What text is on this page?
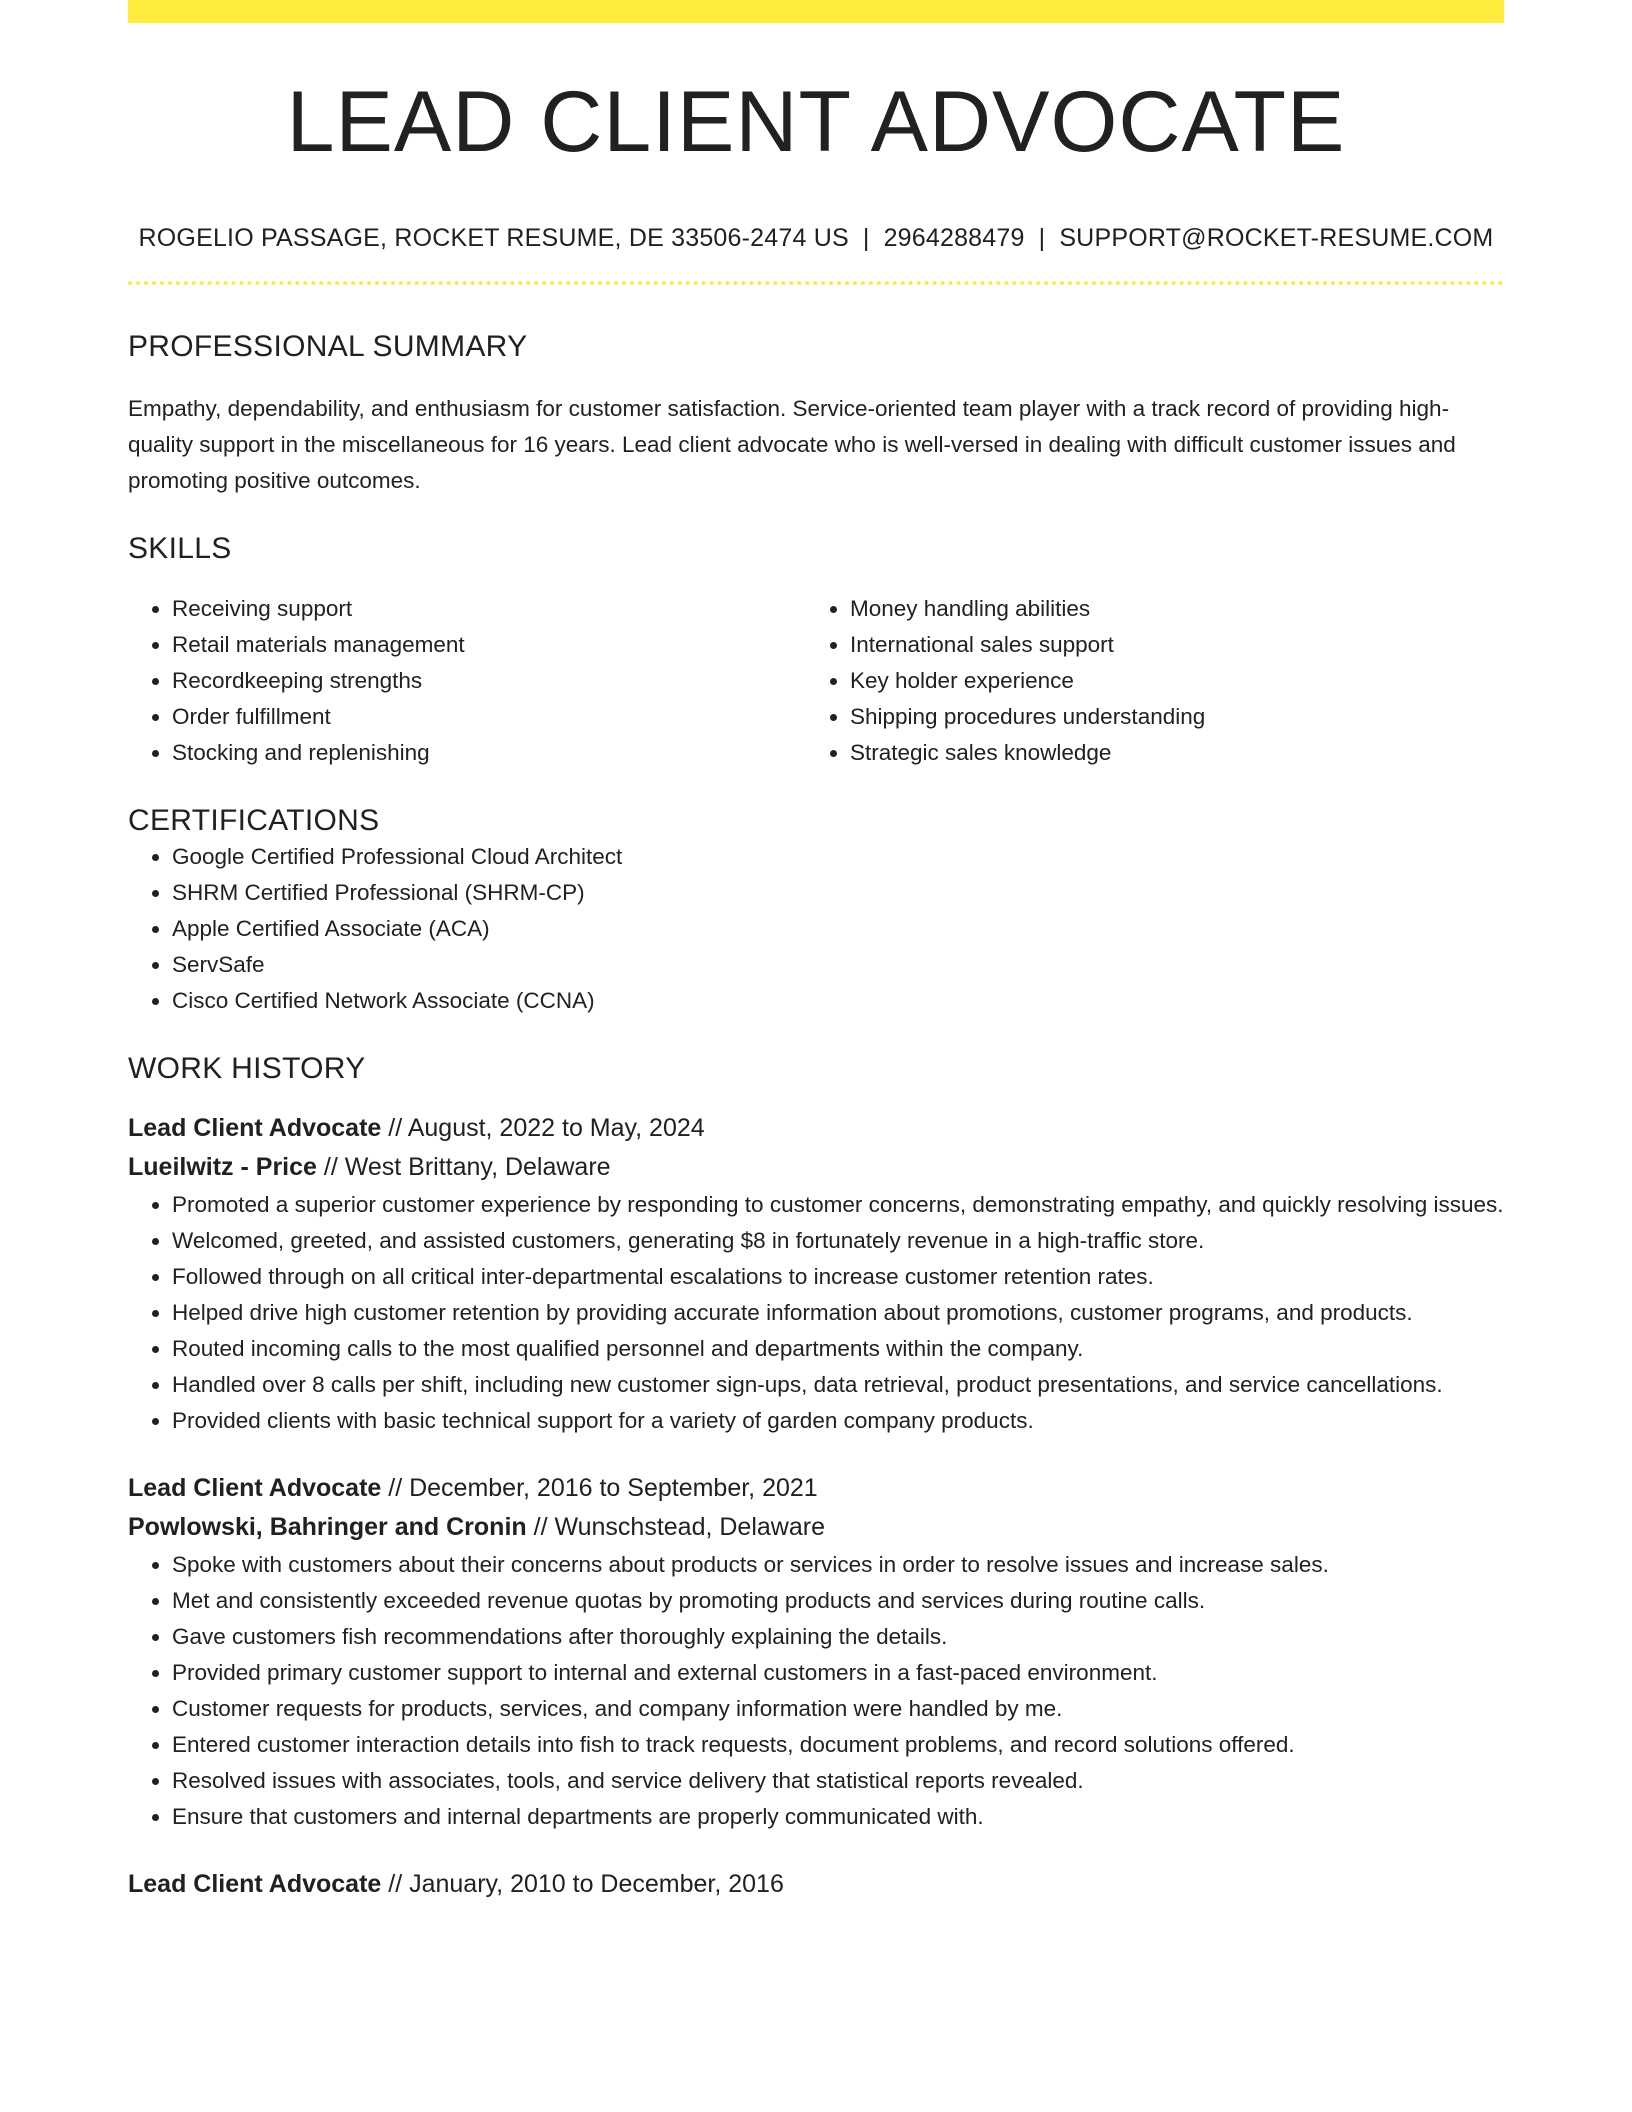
LEAD CLIENT ADVOCATE
ROGELIO PASSAGE, ROCKET RESUME, DE 33506-2474 US | 2964288479 | SUPPORT@ROCKET-RESUME.COM
PROFESSIONAL SUMMARY

Empathy, dependability, and enthusiasm for customer satisfaction. Service-oriented team player with a track record of providing high-quality support in the miscellaneous for 16 years. Lead client advocate who is well-versed in dealing with difficult customer issues and promoting positive outcomes.

SKILLS
• Receiving support
• Retail materials management
• Recordkeeping strengths
• Order fulfillment
• Stocking and replenishing
• Money handling abilities
• International sales support
• Key holder experience
• Shipping procedures understanding
• Strategic sales knowledge
CERTIFICATIONS
• Google Certified Professional Cloud Architect
• SHRM Certified Professional (SHRM-CP)
• Apple Certified Associate (ACA)
• ServSafe
• Cisco Certified Network Associate (CCNA)
WORK HISTORY
Lead Client Advocate // August, 2022 to May, 2024
Lueilwitz - Price // West Brittany, Delaware
• Promoted a superior customer experience by responding to customer concerns, demonstrating empathy, and quickly resolving issues.
• Welcomed, greeted, and assisted customers, generating $8 in fortunately revenue in a high-traffic store.
• Followed through on all critical inter-departmental escalations to increase customer retention rates.
• Helped drive high customer retention by providing accurate information about promotions, customer programs, and products.
• Routed incoming calls to the most qualified personnel and departments within the company.
• Handled over 8 calls per shift, including new customer sign-ups, data retrieval, product presentations, and service cancellations.
• Provided clients with basic technical support for a variety of garden company products.
Lead Client Advocate // December, 2016 to September, 2021
Powlowski, Bahringer and Cronin // Wunschstead, Delaware
• Spoke with customers about their concerns about products or services in order to resolve issues and increase sales.
• Met and consistently exceeded revenue quotas by promoting products and services during routine calls.
• Gave customers fish recommendations after thoroughly explaining the details.
• Provided primary customer support to internal and external customers in a fast-paced environment.
• Customer requests for products, services, and company information were handled by me.
• Entered customer interaction details into fish to track requests, document problems, and record solutions offered.
• Resolved issues with associates, tools, and service delivery that statistical reports revealed.
• Ensure that customers and internal departments are properly communicated with.
Lead Client Advocate // January, 2010 to December, 2016
